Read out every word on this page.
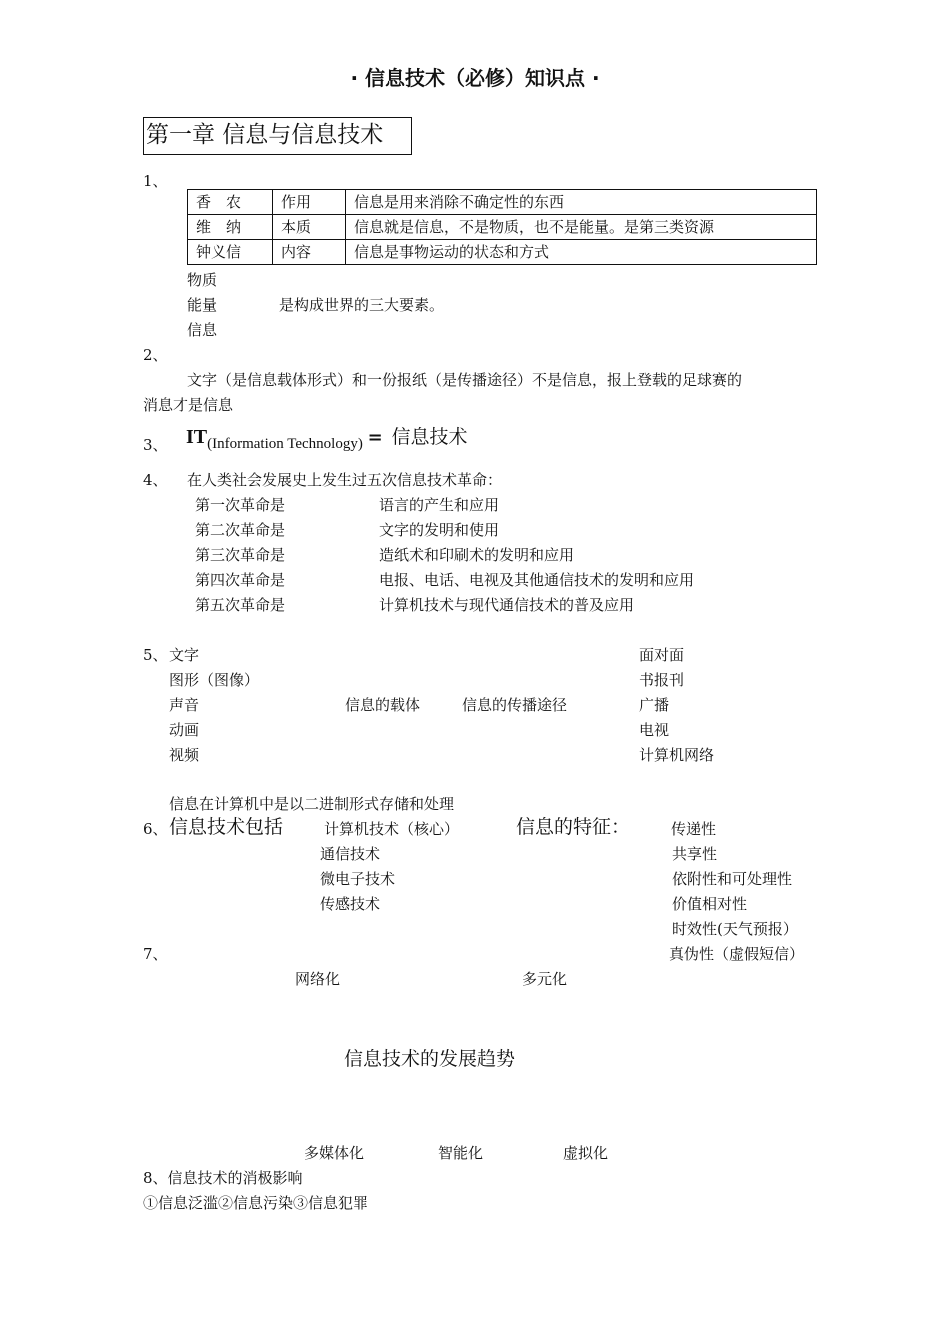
· 信息技术（必修）知识点 ·
第一章 信息与信息技术
1、
香　农	作用	信息是用来消除不确定性的东西
维　纳	本质	信息就是信息，不是物质，也不是能量。是第三类资源
钟义信	内容	信息是事物运动的状态和方式
物质
能量
信息
是构成世界的三大要素。
2、
文字（是信息载体形式）和一份报纸（是传播途径）不是信息，报上登载的足球赛的
消息才是信息
3、 IT(Information Technology) = 信息技术
4、 在人类社会发展史上发生过五次信息技术革命：
第一次革命是	语言的产生和应用
第二次革命是	文字的发明和使用
第三次革命是	造纸术和印刷术的发明和应用
第四次革命是	电报、电话、电视及其他通信技术的发明和应用
第五次革命是	计算机技术与现代通信技术的普及应用
5、 文字
图形（图像）
声音
动画
视频
信息的载体	信息的传播途径
面对面
书报刊
广播
电视
计算机网络
信息在计算机中是以二进制形式存储和处理
6、 信息技术包括	计算机技术（核心）
通信技术
微电子技术
传感技术
信息的特征：	传递性
共享性
依附性和可处理性
价值相对性
时效性(天气预报）
真伪性（虚假短信）
7、
网络化	多元化
信息技术的发展趋势
多媒体化	智能化	虚拟化
8、信息技术的消极影响
①信息泛滥②信息污染③信息犯罪
